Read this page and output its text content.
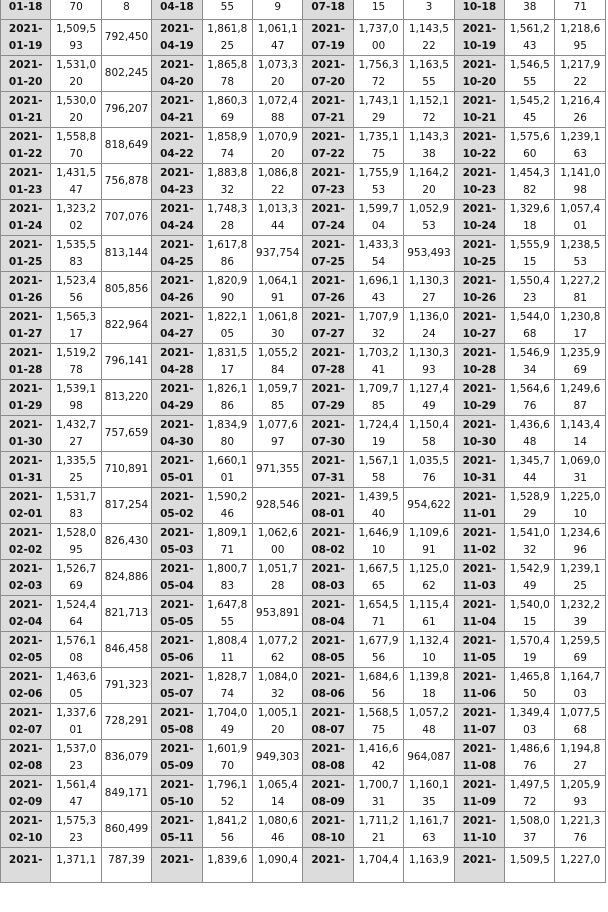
01-18	70	8	04-18	55	9	07-18	15	3	10-18	38	71
2021-01-19	1,509,593	792,450	2021-04-19	1,861,825	1,061,147	2021-07-19	1,737,000	1,143,522	2021-10-19	1,561,243	1,218,695
2021-01-20	1,531,020	802,245	2021-04-20	1,865,878	1,073,320	2021-07-20	1,756,372	1,163,555	2021-10-20	1,546,555	1,217,922
2021-01-21	1,530,020	796,207	2021-04-21	1,860,369	1,072,488	2021-07-21	1,743,129	1,152,172	2021-10-21	1,545,245	1,216,426
2021-01-22	1,558,870	818,649	2021-04-22	1,858,974	1,070,920	2021-07-22	1,735,175	1,143,338	2021-10-22	1,575,660	1,239,163
2021-01-23	1,431,547	756,878	2021-04-23	1,883,832	1,086,822	2021-07-23	1,755,953	1,164,220	2021-10-23	1,454,382	1,141,098
2021-01-24	1,323,202	707,076	2021-04-24	1,748,328	1,013,344	2021-07-24	1,599,704	1,052,953	2021-10-24	1,329,618	1,057,401
2021-01-25	1,535,583	813,144	2021-04-25	1,617,886	937,754	2021-07-25	1,433,354	953,493	2021-10-25	1,555,915	1,238,553
2021-01-26	1,523,456	805,856	2021-04-26	1,820,990	1,064,191	2021-07-26	1,696,143	1,130,327	2021-10-26	1,550,423	1,227,281
2021-01-27	1,565,317	822,964	2021-04-27	1,822,105	1,061,830	2021-07-27	1,707,932	1,136,024	2021-10-27	1,544,068	1,230,817
2021-01-28	1,519,278	796,141	2021-04-28	1,831,517	1,055,284	2021-07-28	1,703,241	1,130,393	2021-10-28	1,546,934	1,235,969
2021-01-29	1,539,198	813,220	2021-04-29	1,826,186	1,059,785	2021-07-29	1,709,785	1,127,449	2021-10-29	1,564,676	1,249,687
2021-01-30	1,432,727	757,659	2021-04-30	1,834,980	1,077,697	2021-07-30	1,724,419	1,150,458	2021-10-30	1,436,648	1,143,414
2021-01-31	1,335,525	710,891	2021-05-01	1,660,101	971,355	2021-07-31	1,567,158	1,035,576	2021-10-31	1,345,744	1,069,031
2021-02-01	1,531,783	817,254	2021-05-02	1,590,246	928,546	2021-08-01	1,439,540	954,622	2021-11-01	1,528,929	1,225,010
2021-02-02	1,528,095	826,430	2021-05-03	1,809,171	1,062,600	2021-08-02	1,646,910	1,109,691	2021-11-02	1,541,032	1,234,696
2021-02-03	1,526,769	824,886	2021-05-04	1,800,783	1,051,728	2021-08-03	1,667,565	1,125,062	2021-11-03	1,542,949	1,239,125
2021-02-04	1,524,464	821,713	2021-05-05	1,647,855	953,891	2021-08-04	1,654,571	1,115,461	2021-11-04	1,540,015	1,232,239
2021-02-05	1,576,108	846,458	2021-05-06	1,808,411	1,077,262	2021-08-05	1,677,956	1,132,410	2021-11-05	1,570,419	1,259,569
2021-02-06	1,463,605	791,323	2021-05-07	1,828,774	1,084,032	2021-08-06	1,684,656	1,139,818	2021-11-06	1,465,850	1,164,703
2021-02-07	1,337,601	728,291	2021-05-08	1,704,049	1,005,120	2021-08-07	1,568,575	1,057,248	2021-11-07	1,349,403	1,077,568
2021-02-08	1,537,023	836,079	2021-05-09	1,601,970	949,303	2021-08-08	1,416,642	964,087	2021-11-08	1,486,676	1,194,827
2021-02-09	1,561,447	849,171	2021-05-10	1,796,152	1,065,414	2021-08-09	1,700,731	1,160,135	2021-11-09	1,497,572	1,205,993
2021-02-10	1,575,323	860,499	2021-05-11	1,841,256	1,080,646	2021-08-10	1,711,221	1,161,763	2021-11-10	1,508,037	1,221,376
2021-	1,371,1	787,39	2021-	1,839,6	1,090,4	2021-	1,704,4	1,163,9	2021-	1,509,5	1,227,0
